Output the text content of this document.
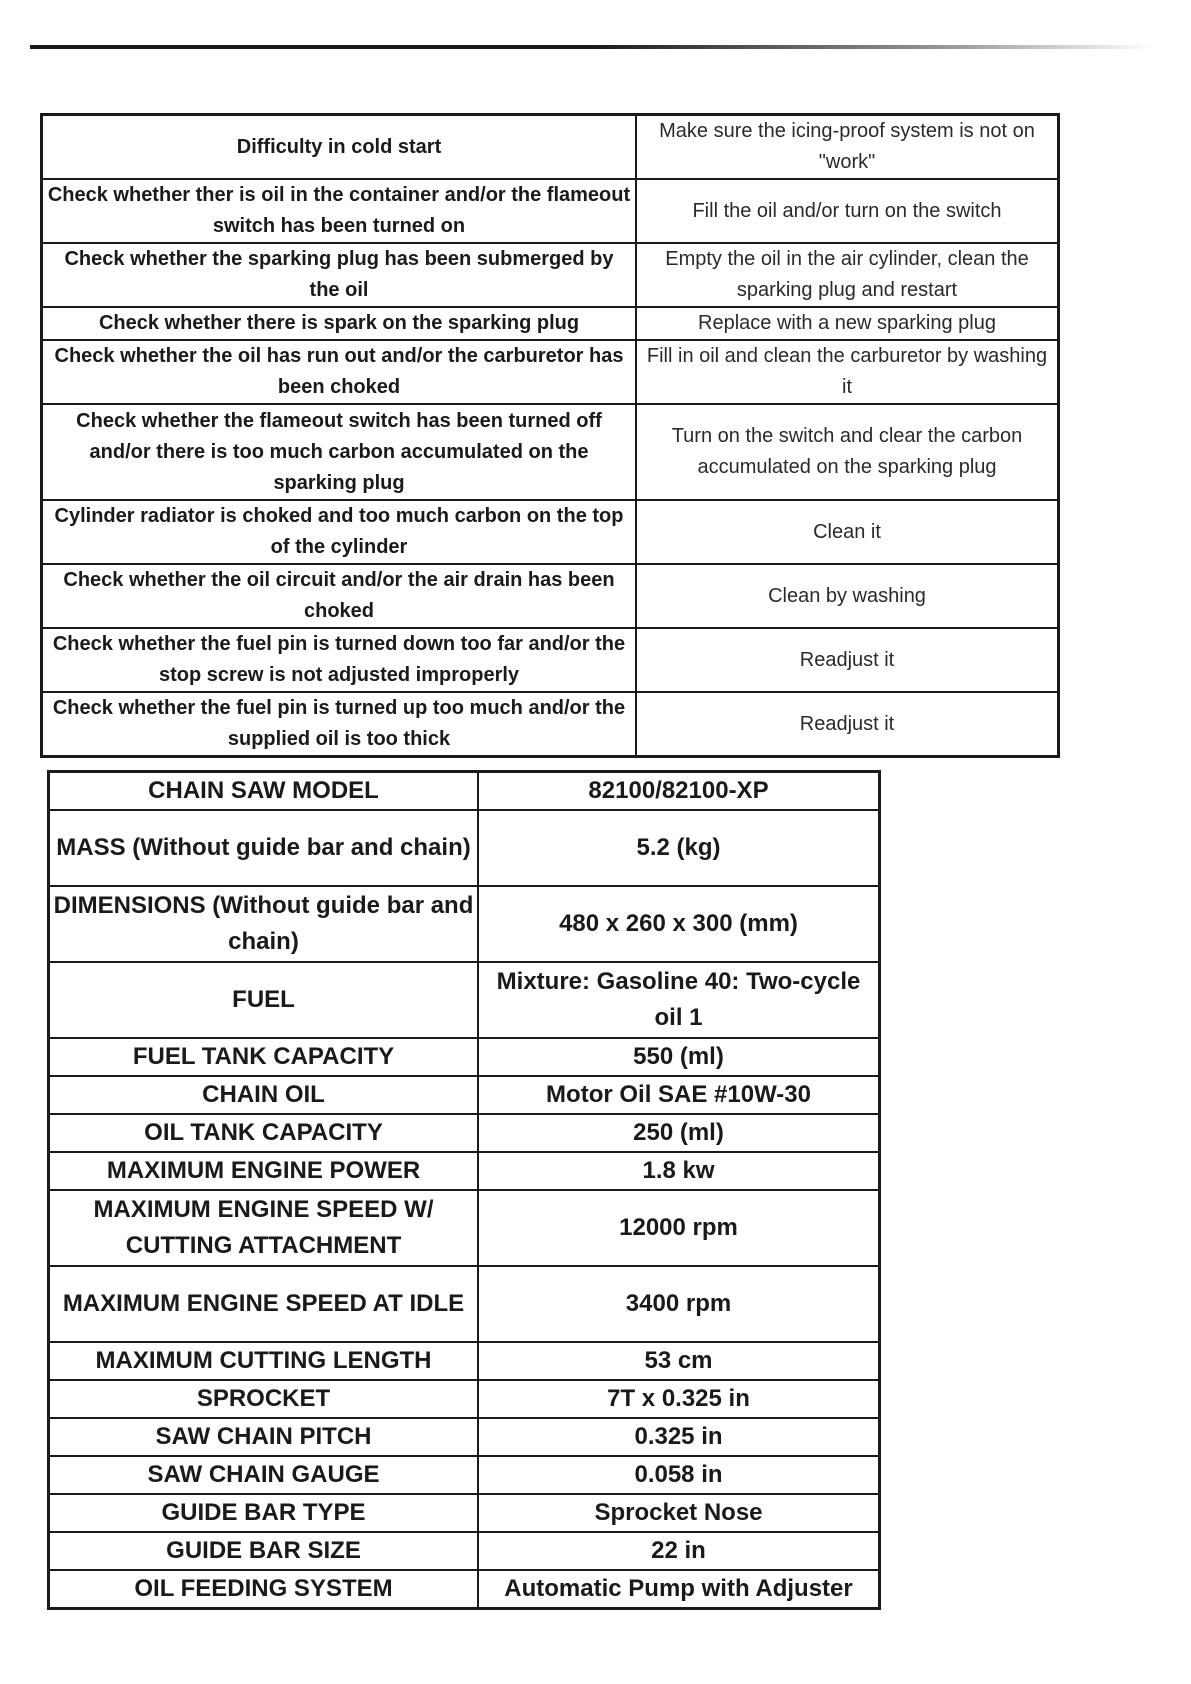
Difficulty in cold start	Make sure the icing-proof system is not on "work"
Check whether ther is oil in the container and/or the flameout switch has been turned on	Fill the oil and/or turn on the switch
Check whether the sparking plug has been submerged by the oil	Empty the oil in the air cylinder, clean the sparking plug and restart
Check whether there is spark on the sparking plug	Replace with a new sparking plug
Check whether the oil has run out and/or the carburetor has been choked	Fill in oil and clean the carburetor by washing it
Check whether the flameout switch has been turned off and/or there is too much carbon accumulated on the sparking plug	Turn on the switch and clear the carbon accumulated on the sparking plug
Cylinder radiator is choked and too much carbon on the top of the cylinder	Clean it
Check whether the oil circuit and/or the air drain has been choked	Clean by washing
Check whether the fuel pin is turned down too far and/or the stop screw is not adjusted improperly	Readjust it
Check whether the fuel pin is turned up too much and/or the supplied oil is too thick	Readjust it
CHAIN SAW MODEL	82100/82100-XP
MASS (Without guide bar and chain)	5.2 (kg)
DIMENSIONS (Without guide bar and chain)	480 x 260 x 300 (mm)
FUEL	Mixture: Gasoline 40: Two-cycle oil 1
FUEL TANK CAPACITY	550 (ml)
CHAIN OIL	Motor Oil SAE #10W-30
OIL TANK CAPACITY	250 (ml)
MAXIMUM ENGINE POWER	1.8 kw
MAXIMUM ENGINE SPEED W/ CUTTING ATTACHMENT	12000 rpm
MAXIMUM ENGINE SPEED AT IDLE	3400 rpm
MAXIMUM CUTTING LENGTH	53 cm
SPROCKET	7T x 0.325 in
SAW CHAIN PITCH	0.325 in
SAW CHAIN GAUGE	0.058 in
GUIDE BAR TYPE	Sprocket Nose
GUIDE BAR SIZE	22 in
OIL FEEDING SYSTEM	Automatic Pump with Adjuster
